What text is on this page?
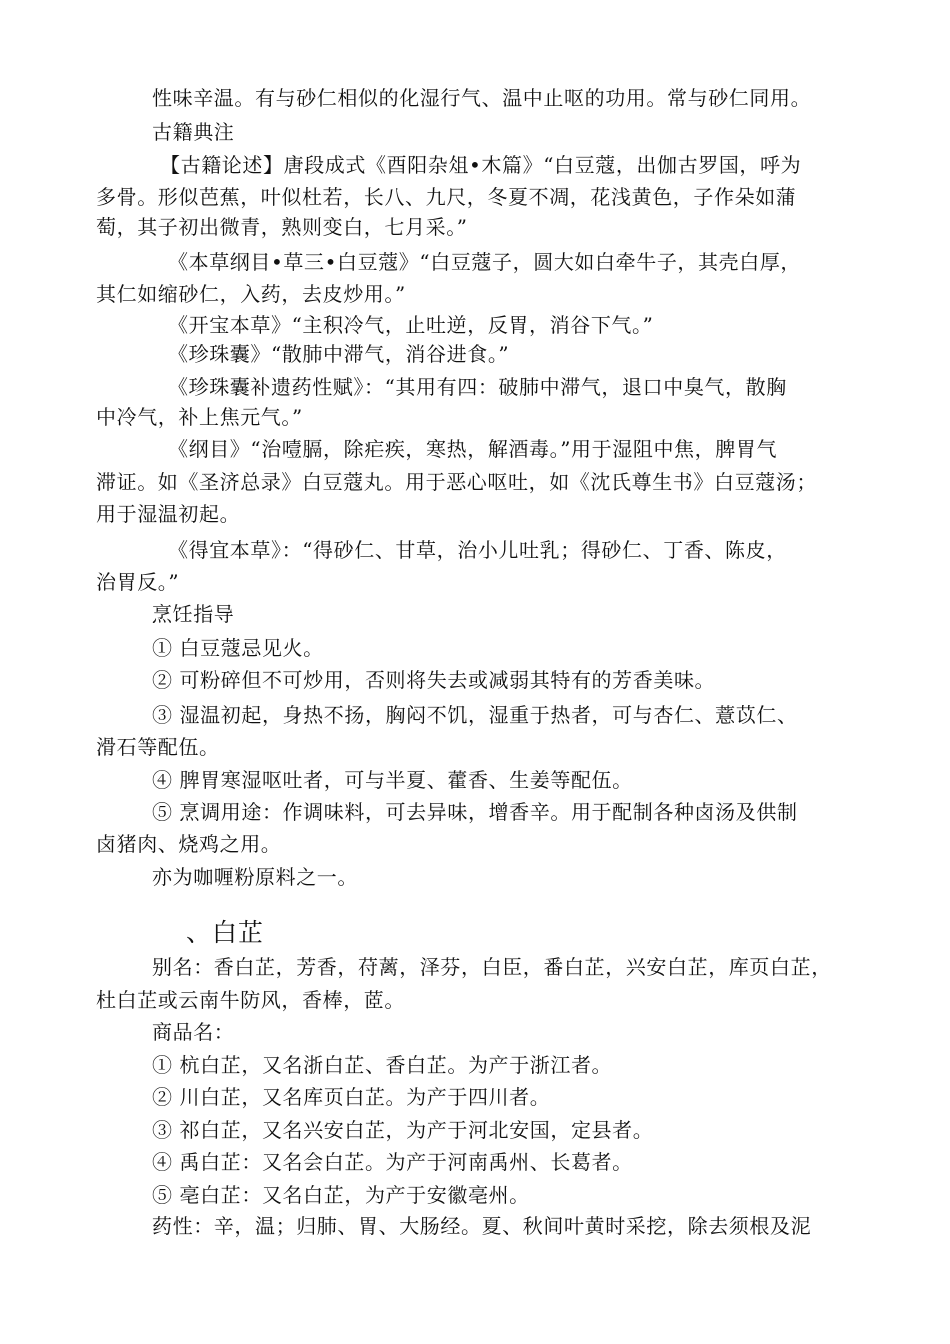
性味辛温。有与砂仁相似的化湿行气、温中止呕的功用。常与砂仁同用。
古籍典注
【古籍论述】唐段成式《酉阳杂俎•木篇》“白豆蔻，出伽古罗国，呼为
多骨。形似芭蕉，叶似杜若，长八、九尺，冬夏不凋，花浅黄色，子作朵如蒲
萄，其子初出微青，熟则变白，七月采。”
《本草纲目•草三•白豆蔻》“白豆蔻子，圆大如白牵牛子，其壳白厚，
其仁如缩砂仁，入药，去皮炒用。”
《开宝本草》“主积冷气，止吐逆，反胃，消谷下气。”
《珍珠囊》“散肺中滞气，消谷进食。”
《珍珠囊补遗药性赋》：“其用有四：破肺中滞气，退口中臭气，散胸
中冷气，补上焦元气。”
《纲目》“治噎膈，除疟疾，寒热，解酒毒。”用于湿阻中焦，脾胃气
滞证。如《圣济总录》白豆蔻丸。用于恶心呕吐，如《沈氏尊生书》白豆蔻汤；
用于湿温初起。
《得宜本草》：“得砂仁、甘草，治小儿吐乳；得砂仁、丁香、陈皮，
治胃反。”
烹饪指导
① 白豆蔻忌见火。
② 可粉碎但不可炒用，否则将失去或减弱其特有的芳香美味。
③ 湿温初起，身热不扬，胸闷不饥，湿重于热者，可与杏仁、薏苡仁、
滑石等配伍。
④ 脾胃寒湿呕吐者，可与半夏、藿香、生姜等配伍。
⑤ 烹调用途：作调味料，可去异味，增香辛。用于配制各种卤汤及供制
卤猪肉、烧鸡之用。
亦为咖喱粉原料之一。
、白芷
别名：香白芷，芳香，苻蓠，泽芬，白臣，番白芷，兴安白芷，库页白芷，
杜白芷或云南牛防风，香棒，茝。
商品名：
① 杭白芷，又名浙白芷、香白芷。为产于浙江者。
② 川白芷，又名库页白芷。为产于四川者。
③ 祁白芷，又名兴安白芷，为产于河北安国，定县者。
④ 禹白芷：又名会白芷。为产于河南禹州、长葛者。
⑤ 亳白芷：又名白芷，为产于安徽亳州。
药性：辛，温；归肺、胃、大肠经。夏、秋间叶黄时采挖，除去须根及泥
